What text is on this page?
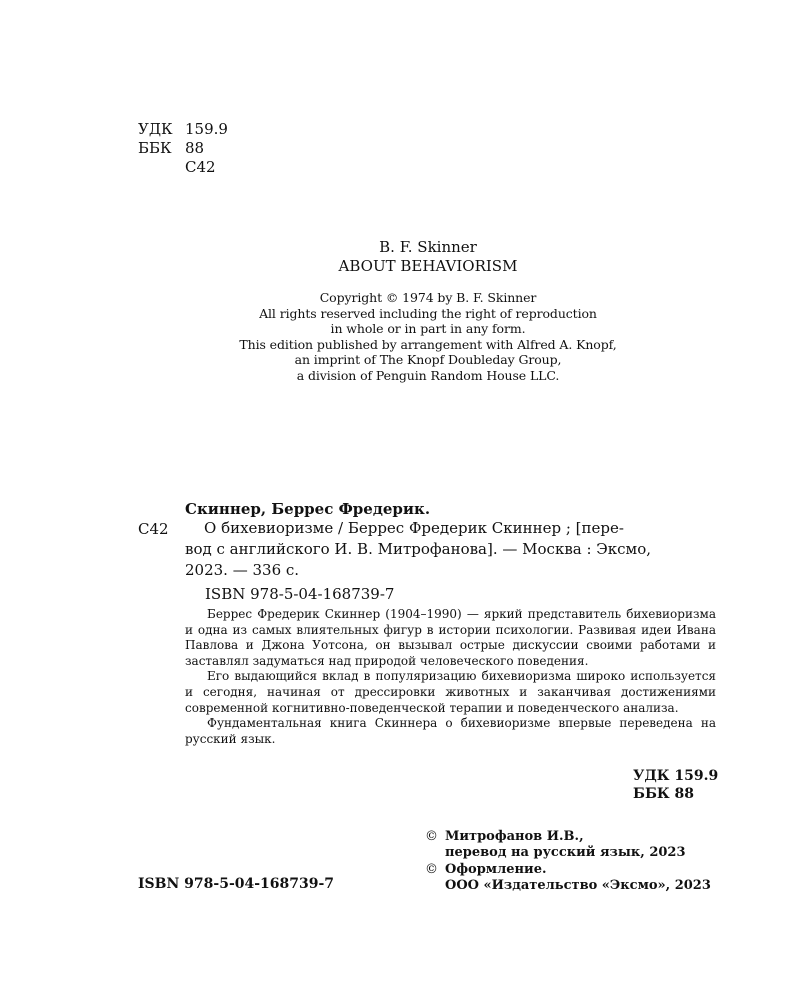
УДК 159.9
ББК 88
С42
B. F. Skinner
ABOUT BEHAVIORISM
Copyright © 1974 by B. F. Skinner
All rights reserved including the right of reproduction
in whole or in part in any form.
This edition published by arrangement with Alfred A. Knopf,
an imprint of The Knopf Doubleday Group,
a division of Penguin Random House LLC.
Скиннер, Беррес Фредерик.
С42 О бихевиоризме / Беррес Фредерик Скиннер ; [пере-
вод с английского И. В. Митрофанова]. — Москва : Эксмо,
2023. — 336 с.
ISBN 978-5-04-168739-7

Беррес Фредерик Скиннер (1904–1990) — яркий представитель бихевиоризма и одна из самых влиятельных фигур в истории психологии. Развивая идеи Ивана Павлова и Джона Уотсона, он вызывал острые дискуссии своими работами и заставлял задуматься над природой человеческого поведения.

Его выдающийся вклад в популяризацию бихевиоризма широко используется и сегодня, начиная от дрессировки животных и заканчивая достижениями современной когнитивно-поведенческой терапии и поведенческого анализа.

Фундаментальная книга Скиннера о бихевиоризме впервые переведена на русский язык.

УДК 159.9
ББК 88
© Митрофанов И.В.,
перевод на русский язык, 2023
© Оформление.
ООО «Издательство «Эксмо», 2023
ISBN 978-5-04-168739-7
